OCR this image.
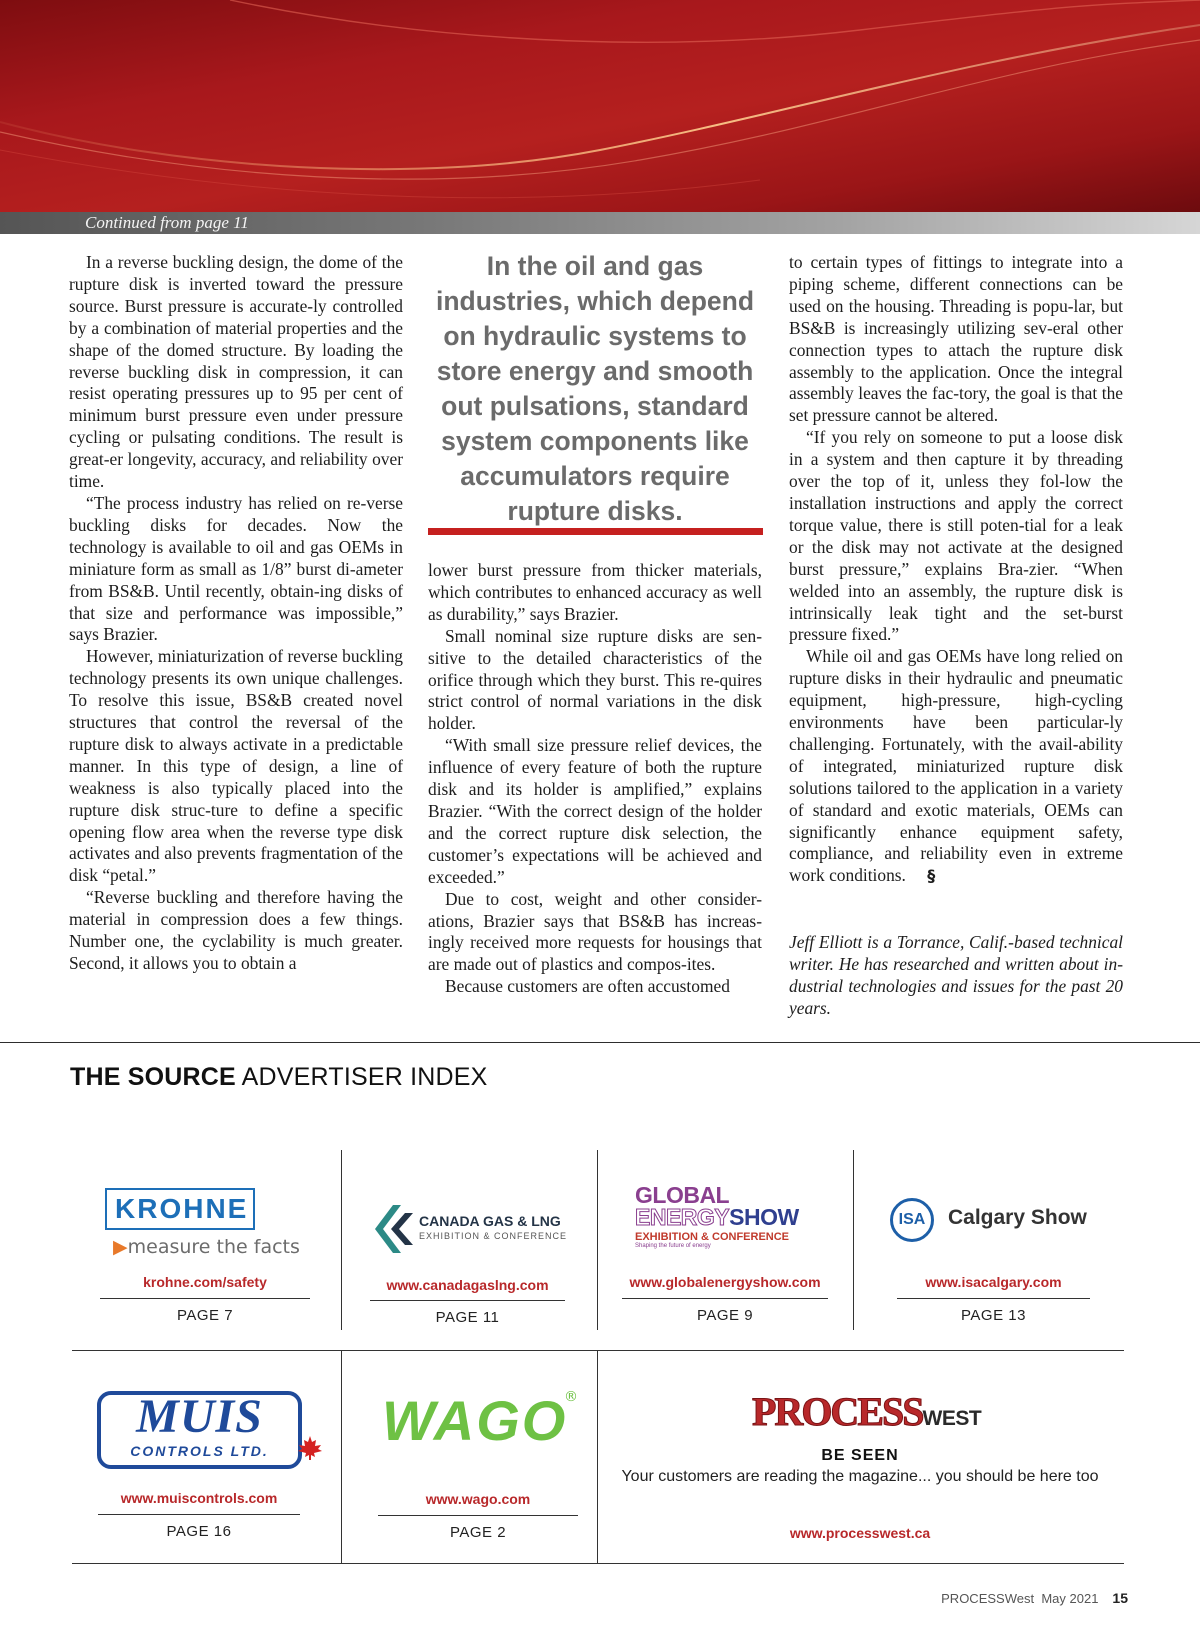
Continued from page 11

In a reverse buckling design, the dome of the rupture disk is inverted toward the pressure source. Burst pressure is accurate-ly controlled by a combination of material properties and the shape of the domed structure. By loading the reverse buckling disk in compression, it can resist operating pressures up to 95 per cent of minimum burst pressure even under pressure cycling or pulsating conditions. The result is great-er longevity, accuracy, and reliability over time.

“The process industry has relied on re-verse buckling disks for decades. Now the technology is available to oil and gas OEMs in miniature form as small as 1/8” burst di-ameter from BS&B. Until recently, obtain-ing disks of that size and performance was impossible,” says Brazier.

However, miniaturization of reverse buckling technology presents its own unique challenges. To resolve this issue, BS&B created novel structures that control the reversal of the rupture disk to always activate in a predictable manner. In this type of design, a line of weakness is also typically placed into the rupture disk struc-ture to define a specific opening flow area when the reverse type disk activates and also prevents fragmentation of the disk “petal.”

“Reverse buckling and therefore having the material in compression does a few things. Number one, the cyclability is much greater. Second, it allows you to obtain a

In the oil and gas industries, which depend on hydraulic systems to store energy and smooth out pulsations, standard system components like accumulators require rupture disks.

lower burst pressure from thicker materials, which contributes to enhanced accuracy as well as durability,” says Brazier.

Small nominal size rupture disks are sen-sitive to the detailed characteristics of the orifice through which they burst. This re-quires strict control of normal variations in the disk holder.

“With small size pressure relief devices, the influence of every feature of both the rupture disk and its holder is amplified,” explains Brazier. “With the correct design of the holder and the correct rupture disk selection, the customer’s expectations will be achieved and exceeded.”

Due to cost, weight and other consider-ations, Brazier says that BS&B has increas-ingly received more requests for housings that are made out of plastics and compos-ites.

Because customers are often accustomed

to certain types of fittings to integrate into a piping scheme, different connections can be used on the housing. Threading is popu-lar, but BS&B is increasingly utilizing sev-eral other connection types to attach the rupture disk assembly to the application. Once the integral assembly leaves the fac-tory, the goal is that the set pressure cannot be altered.

“If you rely on someone to put a loose disk in a system and then capture it by threading over the top of it, unless they fol-low the installation instructions and apply the correct torque value, there is still poten-tial for a leak or the disk may not activate at the designed burst pressure,” explains Bra-zier. “When welded into an assembly, the rupture disk is intrinsically leak tight and the set-burst pressure fixed.”

While oil and gas OEMs have long relied on rupture disks in their hydraulic and pneumatic equipment, high-pressure, high-cycling environments have been particular-ly challenging. Fortunately, with the avail-ability of integrated, miniaturized rupture disk solutions tailored to the application in a variety of standard and exotic materials, OEMs can significantly enhance equipment safety, compliance, and reliability even in extreme work conditions. §

Jeff Elliott is a Torrance, Calif.-based technical writer. He has researched and written about in-dustrial technologies and issues for the past 20 years.
THE SOURCE ADVERTISER INDEX
KROHNE
▶measure the facts
krohne.com/safety
PAGE 7
CANADA GAS & LNG
EXHIBITION & CONFERENCE
www.canadagaslng.com
PAGE 11
GLOBAL
ENERGYSHOW
EXHIBITION & CONFERENCE
Shaping the future of energy
www.globalenergyshow.com
PAGE 9
ISA	Calgary Show
www.isacalgary.com
PAGE 13
MUIS
CONTROLS LTD.
www.muiscontrols.com
PAGE 16
WAGO
®
www.wago.com
PAGE 2
PROCESSWEST
BE SEEN
Your customers are reading the magazine... you should be here too
www.processwest.ca
PROCESSWest May 2021 15
